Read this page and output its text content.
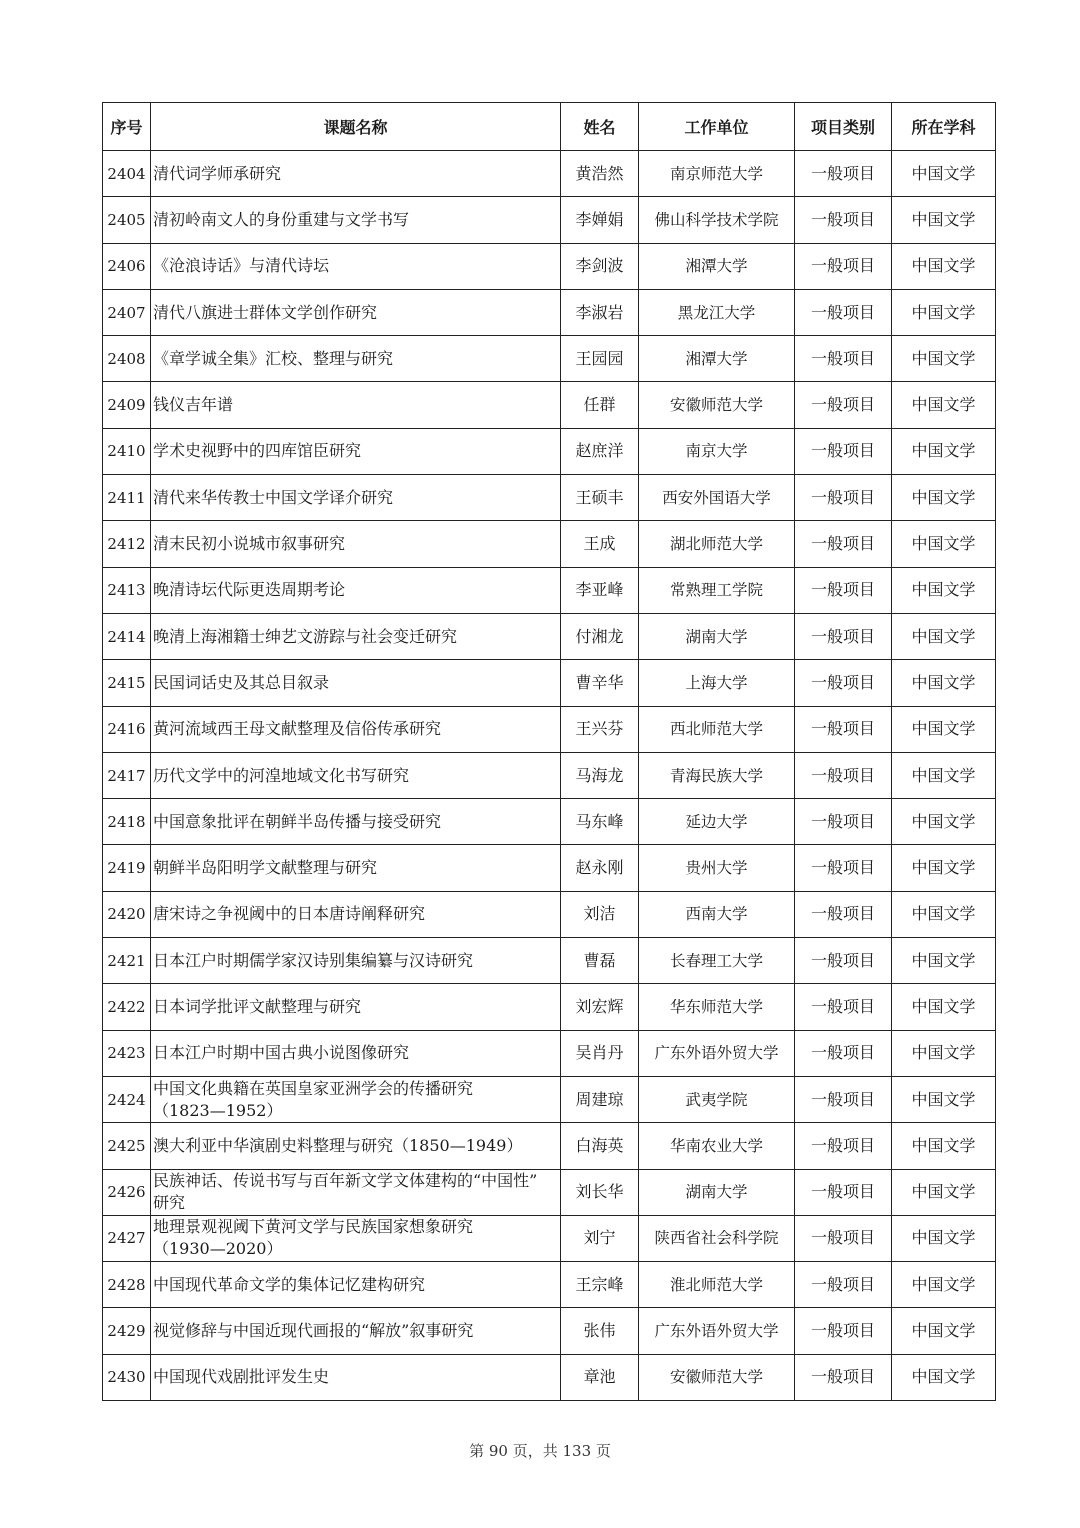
序号	课题名称	姓名	工作单位	项目类别	所在学科
2404	清代词学师承研究	黄浩然	南京师范大学	一般项目	中国文学
2405	清初岭南文人的身份重建与文学书写	李婵娟	佛山科学技术学院	一般项目	中国文学
2406	《沧浪诗话》与清代诗坛	李剑波	湘潭大学	一般项目	中国文学
2407	清代八旗进士群体文学创作研究	李淑岩	黑龙江大学	一般项目	中国文学
2408	《章学诚全集》汇校、整理与研究	王园园	湘潭大学	一般项目	中国文学
2409	钱仪吉年谱	任群	安徽师范大学	一般项目	中国文学
2410	学术史视野中的四库馆臣研究	赵庶洋	南京大学	一般项目	中国文学
2411	清代来华传教士中国文学译介研究	王硕丰	西安外国语大学	一般项目	中国文学
2412	清末民初小说城市叙事研究	王成	湖北师范大学	一般项目	中国文学
2413	晚清诗坛代际更迭周期考论	李亚峰	常熟理工学院	一般项目	中国文学
2414	晚清上海湘籍士绅艺文游踪与社会变迁研究	付湘龙	湖南大学	一般项目	中国文学
2415	民国词话史及其总目叙录	曹辛华	上海大学	一般项目	中国文学
2416	黄河流域西王母文献整理及信俗传承研究	王兴芬	西北师范大学	一般项目	中国文学
2417	历代文学中的河湟地域文化书写研究	马海龙	青海民族大学	一般项目	中国文学
2418	中国意象批评在朝鲜半岛传播与接受研究	马东峰	延边大学	一般项目	中国文学
2419	朝鲜半岛阳明学文献整理与研究	赵永刚	贵州大学	一般项目	中国文学
2420	唐宋诗之争视阈中的日本唐诗阐释研究	刘洁	西南大学	一般项目	中国文学
2421	日本江户时期儒学家汉诗别集编纂与汉诗研究	曹磊	长春理工大学	一般项目	中国文学
2422	日本词学批评文献整理与研究	刘宏辉	华东师范大学	一般项目	中国文学
2423	日本江户时期中国古典小说图像研究	吴肖丹	广东外语外贸大学	一般项目	中国文学
2424	中国文化典籍在英国皇家亚洲学会的传播研究
（1823—1952）	周建琼	武夷学院	一般项目	中国文学
2425	澳大利亚中华演剧史料整理与研究（1850—1949）	白海英	华南农业大学	一般项目	中国文学
2426	民族神话、传说书写与百年新文学文体建构的“中国性”
研究	刘长华	湖南大学	一般项目	中国文学
2427	地理景观视阈下黄河文学与民族国家想象研究
（1930—2020）	刘宁	陕西省社会科学院	一般项目	中国文学
2428	中国现代革命文学的集体记忆建构研究	王宗峰	淮北师范大学	一般项目	中国文学
2429	视觉修辞与中国近现代画报的“解放”叙事研究	张伟	广东外语外贸大学	一般项目	中国文学
2430	中国现代戏剧批评发生史	章池	安徽师范大学	一般项目	中国文学
第 90 页，共 133 页
